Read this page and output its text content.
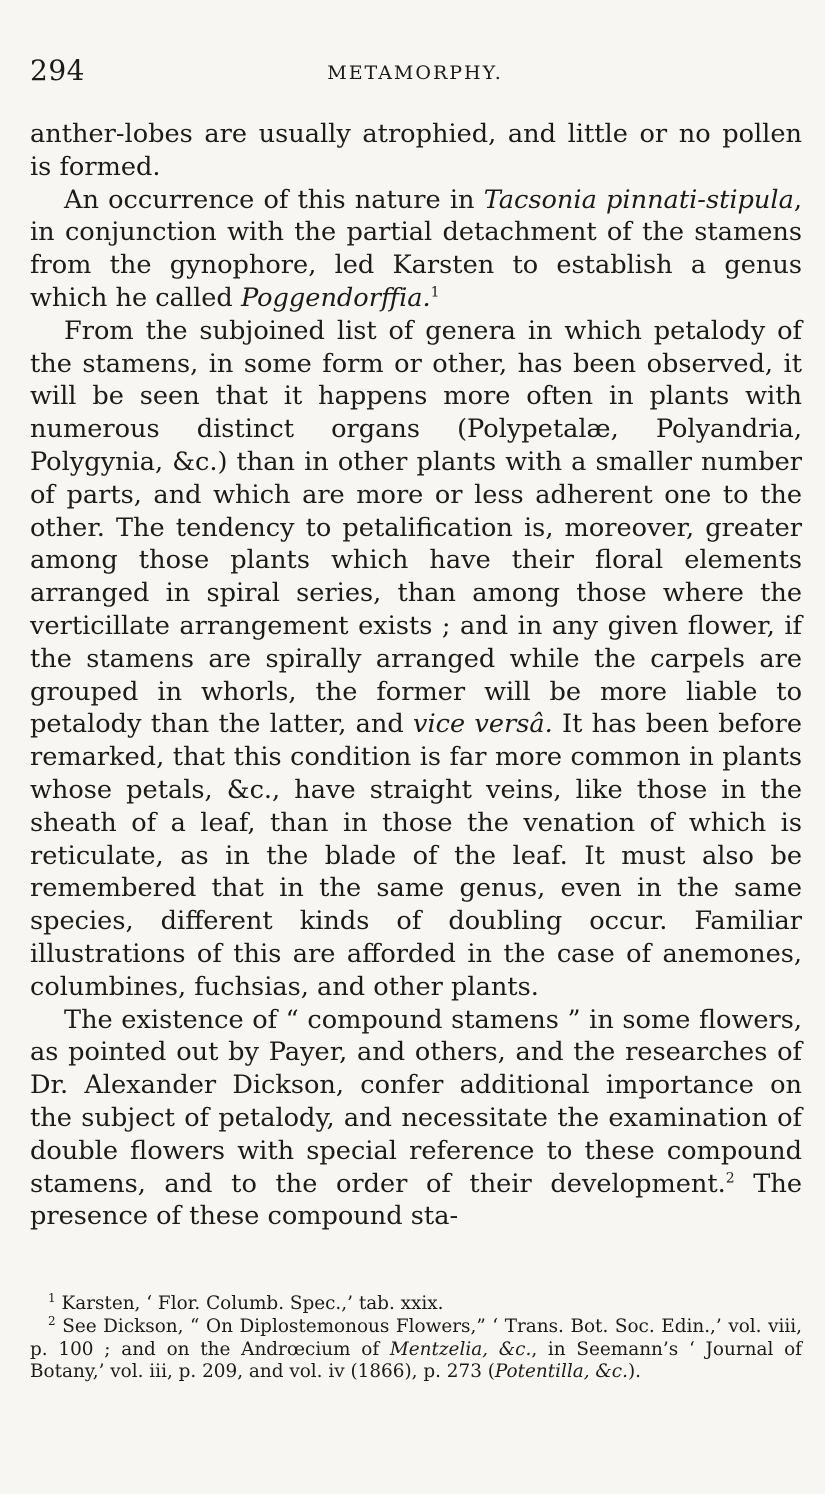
294	METAMORPHY.

anther-lobes are usually atrophied, and little or no pollen is formed.

An occurrence of this nature in Tacsonia pinnati-stipula, in conjunction with the partial detachment of the stamens from the gynophore, led Karsten to establish a genus which he called Poggendorffia.$^1$

From the subjoined list of genera in which petalody of the stamens, in some form or other, has been observed, it will be seen that it happens more often in plants with numerous distinct organs (Polypetalæ, Polyandria, Polygynia, &c.) than in other plants with a smaller number of parts, and which are more or less adherent one to the other. The tendency to petalification is, moreover, greater among those plants which have their floral elements arranged in spiral series, than among those where the verticillate arrangement exists ; and in any given flower, if the stamens are spirally arranged while the carpels are grouped in whorls, the former will be more liable to petalody than the latter, and vice versâ. It has been before remarked, that this condition is far more common in plants whose petals, &c., have straight veins, like those in the sheath of a leaf, than in those the venation of which is reticulate, as in the blade of the leaf. It must also be remembered that in the same genus, even in the same species, different kinds of doubling occur. Familiar illustrations of this are afforded in the case of anemones, columbines, fuchsias, and other plants.

The existence of “ compound stamens ” in some flowers, as pointed out by Payer, and others, and the researches of Dr. Alexander Dickson, confer additional importance on the subject of petalody, and necessitate the examination of double flowers with special reference to these compound stamens, and to the order of their development.$^2$ The presence of these compound sta-

$^1$ Karsten, ‘ Flor. Columb. Spec.,’ tab. xxix.

$^2$ See Dickson, “ On Diplostemonous Flowers,” ‘ Trans. Bot. Soc. Edin.,’ vol. viii, p. 100 ; and on the Andrœcium of Mentzelia, &c., in Seemann’s ‘ Journal of Botany,’ vol. iii, p. 209, and vol. iv (1866), p. 273 (Potentilla, &c.).
